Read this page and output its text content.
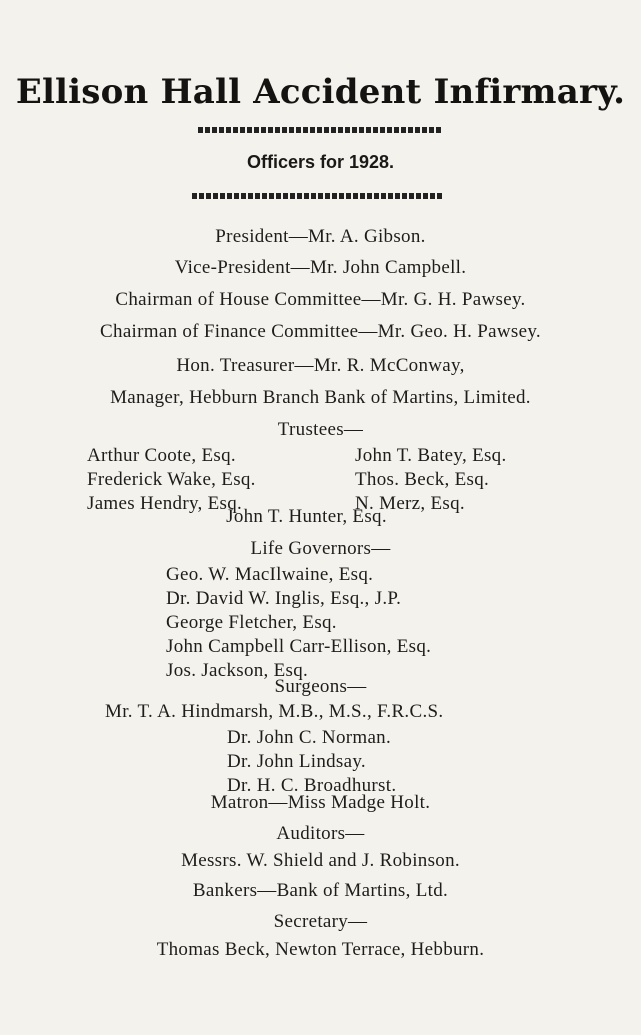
Ellison Hall Accident Infirmary.
Officers for 1928.
President—Mr. A. Gibson.
Vice-President—Mr. John Campbell.
Chairman of House Committee—Mr. G. H. Pawsey.
Chairman of Finance Committee—Mr. Geo. H. Pawsey.
Hon. Treasurer—Mr. R. McConway,
Manager, Hebburn Branch Bank of Martins, Limited.
Trustees—
Arthur Coote, Esq.
Frederick Wake, Esq.
James Hendry, Esq.
John T. Batey, Esq.
Thos. Beck, Esq.
N. Merz, Esq.
John T. Hunter, Esq.
Life Governors—
Geo. W. MacIlwaine, Esq.
Dr. David W. Inglis, Esq., J.P.
George Fletcher, Esq.
John Campbell Carr-Ellison, Esq.
Jos. Jackson, Esq.
Surgeons—
Mr. T. A. Hindmarsh, M.B., M.S., F.R.C.S.
Dr. John C. Norman.
Dr. John Lindsay.
Dr. H. C. Broadhurst.
Matron—Miss Madge Holt.
Auditors—
Messrs. W. Shield and J. Robinson.
Bankers—Bank of Martins, Ltd.
Secretary—
Thomas Beck, Newton Terrace, Hebburn.
